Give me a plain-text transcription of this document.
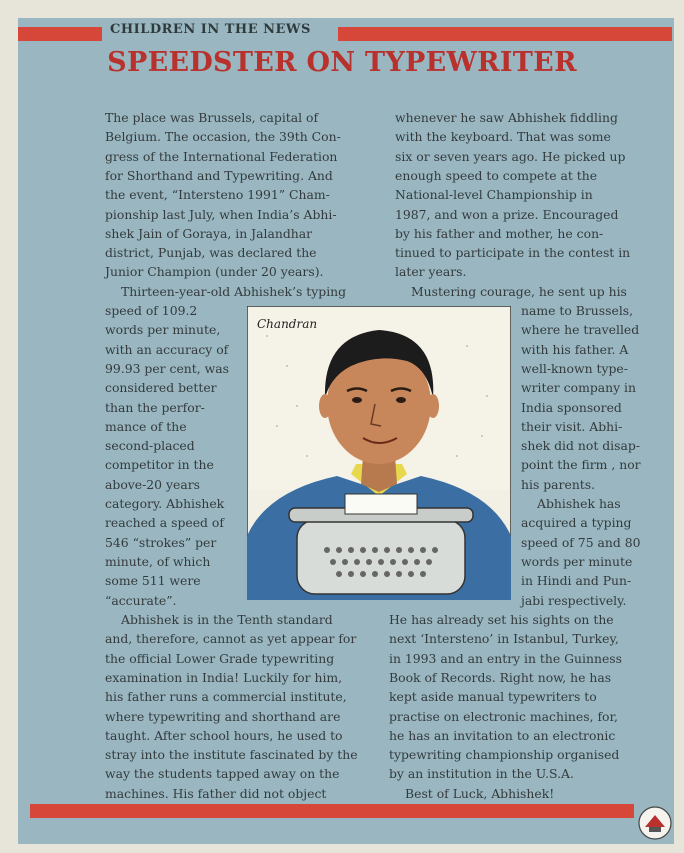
CHILDREN IN THE NEWS
SPEEDSTER ON TYPEWRITER
The place was Brussels, capital of
Belgium. The occasion, the 39th Con-
gress of the International Federation
for Shorthand and Typewriting. And
the event, “Intersteno 1991” Cham-
pionship last July, when India’s Abhi-
shek Jain of Goraya, in Jalandhar
district, Punjab, was declared the
Junior Champion (under 20 years).
Thirteen-year-old Abhishek’s typing
speed of 109.2
words per minute,
with an accuracy of
99.93 per cent, was
considered better
than the perfor-
mance of the
second-placed
competitor in the
above-20 years
category. Abhishek
reached a speed of
546 “strokes” per
minute, of which
some 511 were
“accurate”.
Abhishek is in the Tenth standard
and, therefore, cannot as yet appear for
the official Lower Grade typewriting
examination in India! Luckily for him,
his father runs a commercial institute,
where typewriting and shorthand are
taught. After school hours, he used to
stray into the institute fascinated by the
way the students tapped away on the
machines. His father did not object
whenever he saw Abhishek fiddling
with the keyboard. That was some
six or seven years ago. He picked up
enough speed to compete at the
National-level Championship in
1987, and won a prize. Encouraged
by his father and mother, he con-
tinued to participate in the contest in
later years.
Mustering courage, he sent up his
name to Brussels,
where he travelled
with his father. A
well-known type-
writer company in
India sponsored
their visit. Abhi-
shek did not disap-
point the firm , nor
his parents.
Abhishek has
acquired a typing
speed of 75 and 80
words per minute
in Hindi and Pun-
jabi respectively.
He has already set his sights on the
next ‘Intersteno’ in Istanbul, Turkey,
in 1993 and an entry in the Guinness
Book of Records. Right now, he has
kept aside manual typewriters to
practise on electronic machines, for,
he has an invitation to an electronic
typewriting championship organised
by an institution in the U.S.A.
Best of Luck, Abhishek!
Chandran
